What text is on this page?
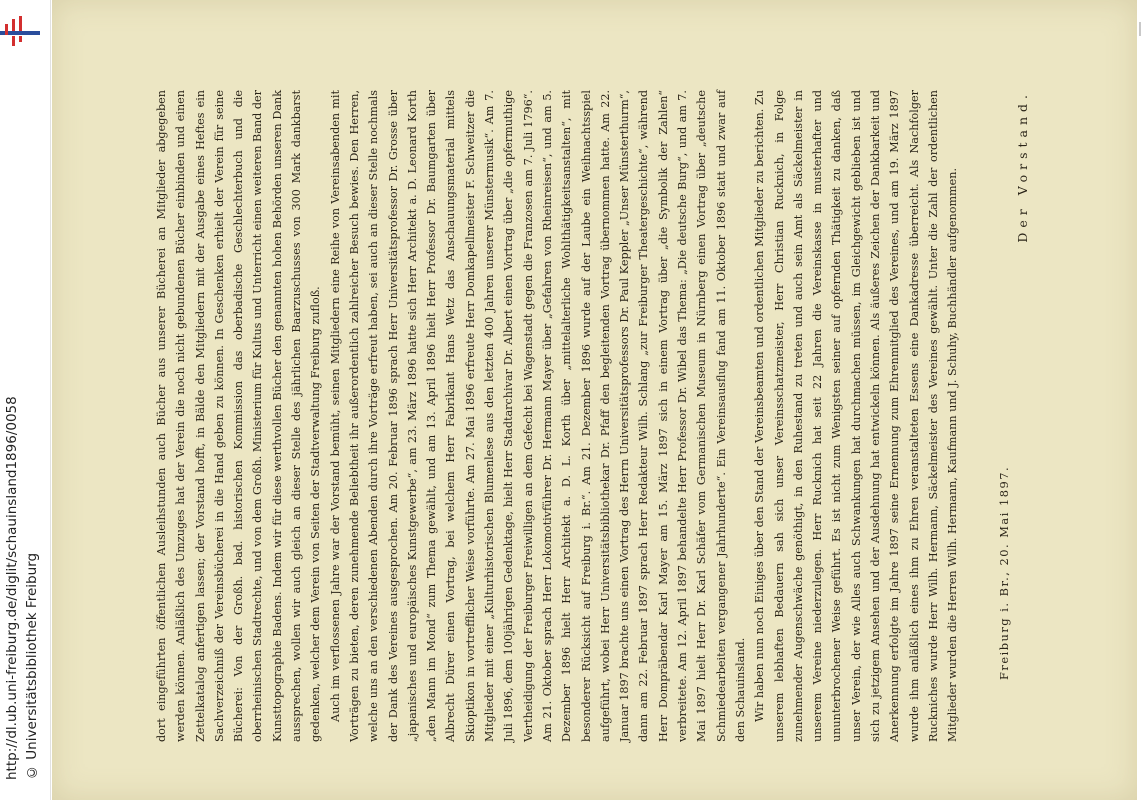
http://dl.ub.uni-freiburg.de/diglit/schauinsland1896/0058 © Universitätsbibliothek Freiburg	dort eingeführten öffentlichen Ausleihstunden auch Bücher aus unserer Bücherei an Mitglieder abgegeben werden können. Anläßlich des Umzuges hat der Verein die noch nicht gebundenen Bücher einbinden und einen Zettelkatalog anfertigen lassen; der Vorstand hofft, in Bälde den Mitgliedern mit der Ausgabe eines Heftes ein Sachverzeichniß der Vereinsbücherei in die Hand geben zu können. In Geschenken erhielt der Verein für seine Bücherei: Von der Großh. bad. historischen Kommission das oberbadische Geschlechterbuch und die oberrheinischen Stadtrechte, und von dem Großh. Ministerium für Kultus und Unterricht einen weiteren Band der Kunsttopographie Badens. Indem wir für diese werthvollen Bücher den genannten hohen Behörden unseren Dank aussprechen, wollen wir auch gleich an dieser Stelle des jährlichen Baarzuschusses von 300 Mark dankbarst gedenken, welcher dem Verein von Seiten der Stadtverwaltung Freiburg zufloß. Auch im verflossenen Jahre war der Vorstand bemüht, seinen Mitgliedern eine Reihe von Vereinsabenden mit Vorträgen zu bieten, deren zunehmende Beliebtheit ihr außerordentlich zahlreicher Besuch bewies. Den Herren, welche uns an den verschiedenen Abenden durch ihre Vorträge erfreut haben, sei auch an dieser Stelle nochmals der Dank des Vereines ausgesprochen. Am 20. Februar 1896 sprach Herr Universitätsprofessor Dr. Grosse über „japanisches und europäisches Kunstgewerbe“, am 23. März 1896 hatte sich Herr Architekt a. D. Leonard Korth „den Mann im Mond“ zum Thema gewählt, und am 13. April 1896 hielt Herr Professor Dr. Baumgarten über Albrecht Dürer einen Vortrag, bei welchem Herr Fabrikant Hans Wetz das Anschauungsmaterial mittels Skioptikon in vortrefflicher Weise vorführte. Am 27. Mai 1896 erfreute Herr Domkapellmeister F. Schweitzer die Mitglieder mit einer „Kulturhistorischen Blumenlese aus den letzten 400 Jahren unserer Münstermusik“. Am 7. Juli 1896, dem 100jährigen Gedenktage, hielt Herr Stadtarchivar Dr. Albert einen Vortrag über „die opfermuthige Vertheidigung der Freiburger Freiwilligen an dem Gefecht bei Wagenstadt gegen die Franzosen am 7. Juli 1796“. Am 21. Oktober sprach Herr Lokomotivführer Dr. Hermann Mayer über „Gefahren von Rheinreisen“, und am 5. Dezember 1896 hielt Herr Architekt a. D. L. Korth über „mittelalterliche Wohlthätigkeitsanstalten“, mit besonderer Rücksicht auf Freiburg i. Br.“. Am 21. Dezember 1896 wurde auf der Laube ein Weihnachtsspiel aufgeführt, wobei Herr Universitätsbibliothekar Dr. Pfaff den begleitenden Vortrag übernommen hatte. Am 22. Januar 1897 brachte uns einen Vortrag des Herrn Universitätsprofessors Dr. Paul Keppler „Unser Münsterthurm“, dann am 22. Februar 1897 sprach Herr Redakteur Wilh. Schlang „zur Freiburger Theatergeschichte“, während Herr Dompräbendar Karl Mayer am 15. März 1897 sich in einem Vortrag über „die Symbolik der Zahlen“ verbreitete. Am 12. April 1897 behandelte Herr Professor Dr. Wibel das Thema: „Die deutsche Burg“, und am 7. Mai 1897 hielt Herr Dr. Karl Schäfer vom Germanischen Museum in Nürnberg einen Vortrag über „deutsche Schmiedearbeiten vergangener Jahrhunderte“. Ein Vereinsausflug fand am 11. Oktober 1896 statt und zwar auf den Schauinsland. Wir haben nun noch Einiges über den Stand der Vereinsbeamten und ordentlichen Mitglieder zu berichten. Zu unserem lebhaften Bedauern sah sich unser Vereinsschatzmeister, Herr Christian Rucknich, in Folge zunehmender Augenschwäche genöthigt, in den Ruhestand zu treten und auch sein Amt als Säckelmeister in unserem Vereine niederzulegen. Herr Rucknich hat seit 22 Jahren die Vereinskasse in musterhafter und ununterbrochener Weise geführt. Es ist nicht zum Wenigsten seiner auf opfernden Thätigkeit zu danken, daß unser Verein, der wie Alles auch Schwankungen hat durchmachen müssen, im Gleichgewicht geblieben ist und sich zu jetzigem Ansehen und der Ausdehnung hat entwickeln können. Als äußeres Zeichen der Dankbarkeit und Anerkennung erfolgte im Jahre 1897 seine Ernennung zum Ehrenmitglied des Vereines, und am 19. März 1897 wurde ihm anläßlich eines ihm zu Ehren veranstalteten Essens eine Dankadresse überreicht. Als Nachfolger Ruckniches wurde Herr Wilh. Hermann, Säckelmeister des Vereines gewählt. Unter die Zahl der ordentlichen Mitglieder wurden die Herren Wilh. Hermann, Kaufmann und J. Schuhy, Buchhändler aufgenommen.	Freiburg i. Br., 20. Mai 1897.
Der Vorstand.
